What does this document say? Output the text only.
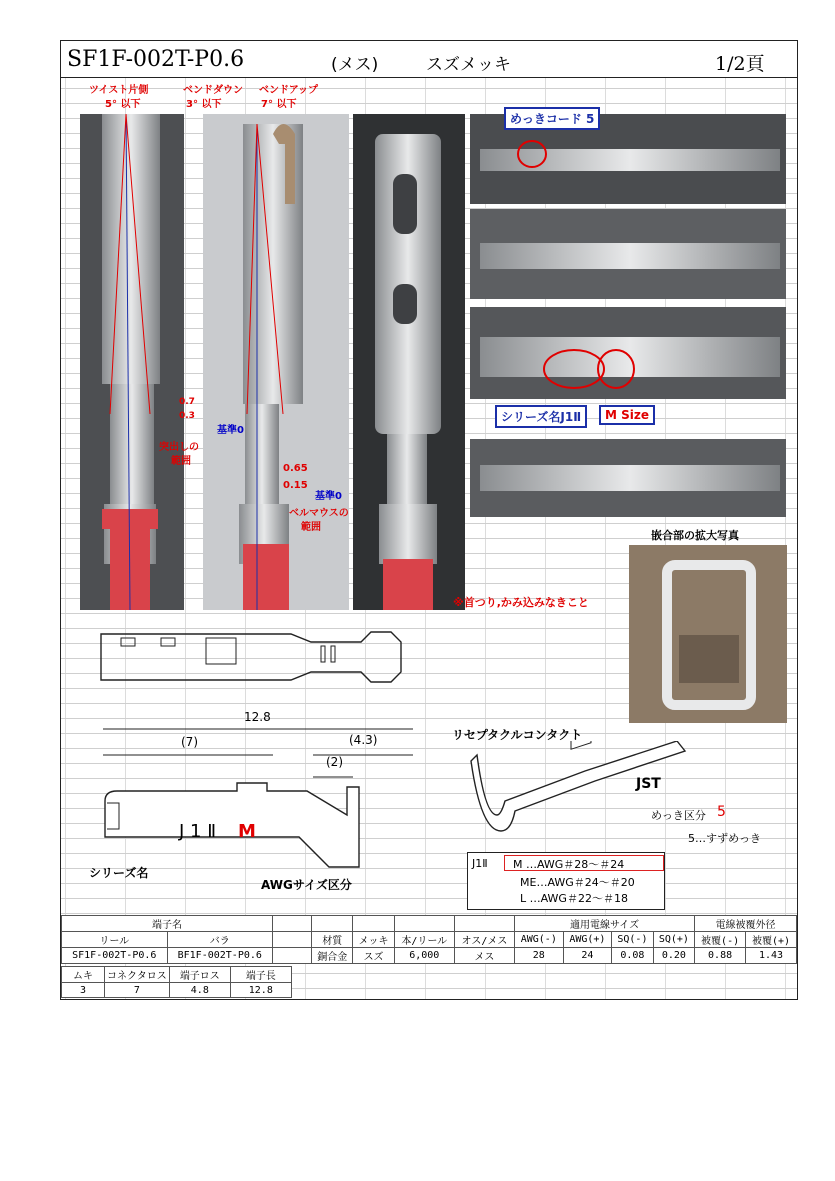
SF1F-002T-P0.6	(メス)	スズメッキ	1/2頁
ツイスト片側
5° 以下
ベンドダウン
3° 以下
ベンドアップ
7° 以下
0.7
0.3
基準0
突出しの
範囲
0.65
0.15
基準0
ベルマウスの
範囲
めっきコード 5
シリーズ名J1Ⅱ	M Size
嵌合部の拡大写真
※首つり,かみ込みなきこと
12.8
(7)	(4.3)
(2)
J 1 Ⅱ M
シリーズ名
AWGサイズ区分
リセプタクルコンタクト
JST
めっき区分 5
5…すずめっき
J1Ⅱ	M …AWG＃28～＃24
ME…AWG＃24～＃20
L …AWG＃22～＃18
端子名							適用電線サイズ				電線被覆外径	
リール	バラ		材質	メッキ	本/リール	オス/メス	AWG(-)	AWG(+)	SQ(-)	SQ(+)	被覆(-)	被覆(+)
SF1F-002T-P0.6	BF1F-002T-P0.6		銅合金	スズ	6,000	メス	28	24	0.08	0.20	0.88	1.43
ムキ	コネクタロス	端子ロス	端子長
3	7	4.8	12.8
